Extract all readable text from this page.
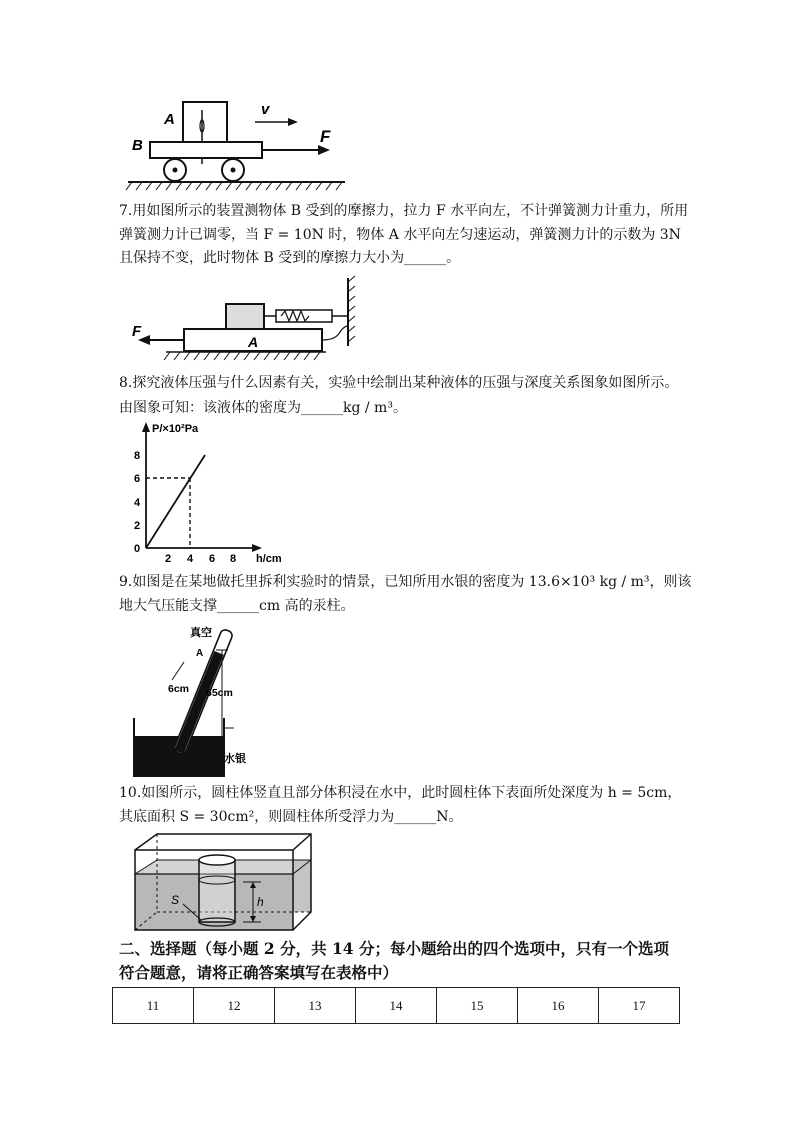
A
B
v
F
7.用如图所示的装置测物体 B 受到的摩擦力，拉力 F 水平向左，不计弹簧测力计重力，所用
弹簧测力计已调零，当 F = 10N 时，物体 A 水平向左匀速运动，弹簧测力计的示数为 3N
且保持不变，此时物体 B 受到的摩擦力大小为______。
F
A
8.探究液体压强与什么因素有关，实验中绘制出某种液体的压强与深度关系图象如图所示。
由图象可知：该液体的密度为______kg / m³。
0
2
4
6
8
2 4 6 8
P/×10²Pa
h/cm
9.如图是在某地做托里拆利实验时的情景，已知所用水银的密度为 13.6×10³ kg / m³，则该
地大气压能支撑______cm 高的汞柱。
真空
A
6cm 65cm
水银
10.如图所示，圆柱体竖直且部分体积浸在水中，此时圆柱体下表面所处深度为 h = 5cm，
其底面积 S = 30cm²，则圆柱体所受浮力为______N。
S	h
二、选择题（每小题 2 分，共 14 分；每小题给出的四个选项中，只有一个选项
符合题意，请将正确答案填写在表格中）
11	12	13	14	15	16	17
